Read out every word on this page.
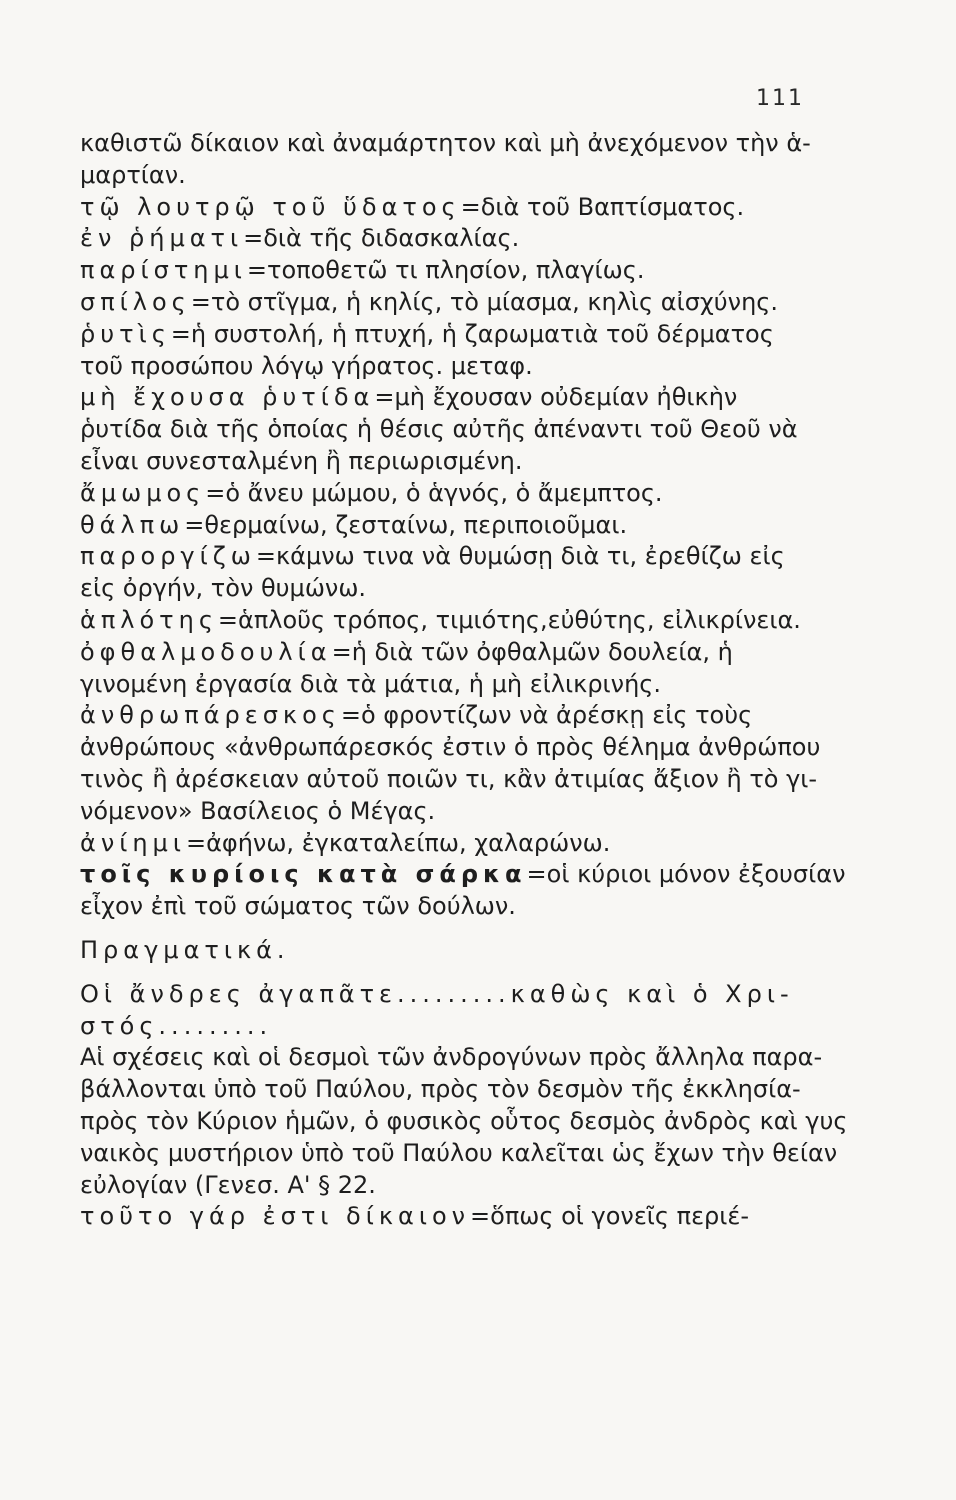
111
καθιστῶ δίκαιον καὶ ἀναμάρτητον καὶ μὴ ἀνεχόμενον τὴν ἁ-
μαρτίαν.
τῷ λουτρῷ τοῦ ὕδατος=διὰ τοῦ Βαπτίσματος.
ἐν ῥήματι=διὰ τῆς διδασκαλίας.
παρίστημι=τοποθετῶ τι πλησίον, πλαγίως.
σπίλος=τὸ στῖγμα, ἡ κηλίς, τὸ μίασμα, κηλὶς αἰσχύνης.
ῥυτὶς=ἡ συστολή, ἡ πτυχή, ἡ ζαρωματιὰ τοῦ δέρματος
τοῦ προσώπου λόγῳ γήρατος. μεταφ.
μὴ ἔχουσα ῥυτίδα=μὴ ἔχουσαν οὐδεμίαν ἠθικὴν
ῥυτίδα διὰ τῆς ὁποίας ἡ θέσις αὐτῆς ἀπέναντι τοῦ Θεοῦ νὰ
εἶναι συνεσταλμένη ἢ περιωρισμένη.
ἄμωμος=ὁ ἄνευ μώμου, ὁ ἁγνός, ὁ ἄμεμπτος.
θάλπω=θερμαίνω, ζεσταίνω, περιποιοῦμαι.
παροργίζω=κάμνω τινα νὰ θυμώσῃ διὰ τι, ἐρεθίζω εἰς
εἰς ὀργήν, τὸν θυμώνω.
ἁπλότης=ἁπλοῦς τρόπος, τιμιότης,εὐθύτης, εἰλικρίνεια.
ὀφθαλμοδουλία=ἡ διὰ τῶν ὀφθαλμῶν δουλεία, ἡ
γινομένη ἐργασία διὰ τὰ μάτια, ἡ μὴ εἰλικρινής.
ἀνθρωπάρεσκος=ὁ φροντίζων νὰ ἀρέσκῃ εἰς τοὺς
ἀνθρώπους «ἀνθρωπάρεσκός ἐστιν ὁ πρὸς θέλημα ἀνθρώπου
τινὸς ἢ ἀρέσκειαν αὐτοῦ ποιῶν τι, κἂν ἀτιμίας ἄξιον ἢ τὸ γι-
νόμενον» Βασίλειος ὁ Μέγας.
ἀνίημι=ἀφήνω, ἐγκαταλείπω, χαλαρώνω.
τοῖς κυρίοις κατὰ σάρκα=οἱ κύριοι μόνον ἐξουσίαν
εἶχον ἐπὶ τοῦ σώματος τῶν δούλων.
Πραγματικά.
Οἱ ἄνδρες ἀγαπᾶτε.........καθὼς καὶ ὁ Χρι-
στός.........
Αἱ σχέσεις καὶ οἱ δεσμοὶ τῶν ἀνδρογύνων πρὸς ἄλληλα παρα-
βάλλονται ὑπὸ τοῦ Παύλου, πρὸς τὸν δεσμὸν τῆς ἐκκλησία-
πρὸς τὸν Κύριον ἡμῶν, ὁ φυσικὸς οὗτος δεσμὸς ἀνδρὸς καὶ γυς
ναικὸς μυστήριον ὑπὸ τοῦ Παύλου καλεῖται ὡς ἔχων τὴν θείαν
εὐλογίαν (Γενεσ. Α' § 22.
τοῦτο γάρ ἐστι δίκαιον=ὅπως οἱ γονεῖς περιέ-
